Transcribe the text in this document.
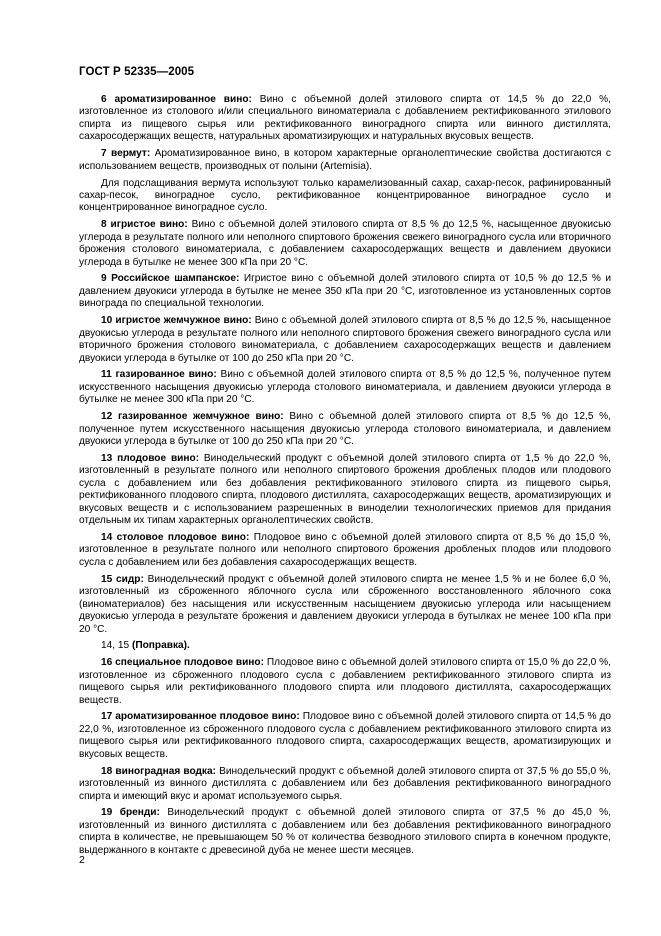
ГОСТ Р 52335—2005

6 ароматизированное вино: Вино с объемной долей этилового спирта от 14,5 % до 22,0 %, изготовленное из столового и/или специального виноматериала с добавлением ректификованного этилового спирта из пищевого сырья или ректификованного виноградного спирта или винного дистиллята, сахаросодержащих веществ, натуральных ароматизирующих и натуральных вкусовых веществ.

7 вермут: Ароматизированное вино, в котором характерные органолептические свойства достигаются с использованием веществ, производных от полыни (Artemisia).

Для подслащивания вермута используют только карамелизованный сахар, сахар-песок, рафинированный сахар-песок, виноградное сусло, ректификованное концентрированное виноградное сусло и концентрированное виноградное сусло.

8 игристое вино: Вино с объемной долей этилового спирта от 8,5 % до 12,5 %, насыщенное двуокисью углерода в результате полного или неполного спиртового брожения свежего виноградного сусла или вторичного брожения столового виноматериала, с добавлением сахаросодержащих веществ и давлением двуокиси углерода в бутылке не менее 300 кПа при 20 °С.

9 Российское шампанское: Игристое вино с объемной долей этилового спирта от 10,5 % до 12,5 % и давлением двуокиси углерода в бутылке не менее 350 кПа при 20 °С, изготовленное из установленных сортов винограда по специальной технологии.

10 игристое жемчужное вино: Вино с объемной долей этилового спирта от 8,5 % до 12,5 %, насыщенное двуокисью углерода в результате полного или неполного спиртового брожения свежего виноградного сусла или вторичного брожения столового виноматериала, с добавлением сахаросодержащих веществ и давлением двуокиси углерода в бутылке от 100 до 250 кПа при 20 °С.

11 газированное вино: Вино с объемной долей этилового спирта от 8,5 % до 12,5 %, полученное путем искусственного насыщения двуокисью углерода столового виноматериала, и давлением двуокиси углерода в бутылке не менее 300 кПа при 20 °С.

12 газированное жемчужное вино: Вино с объемной долей этилового спирта от 8,5 % до 12,5 %, полученное путем искусственного насыщения двуокисью углерода столового виноматериала, и давлением двуокиси углерода в бутылке от 100 до 250 кПа при 20 °С.

13 плодовое вино: Винодельческий продукт с объемной долей этилового спирта от 1,5 % до 22,0 %, изготовленный в результате полного или неполного спиртового брожения дробленых плодов или плодового сусла с добавлением или без добавления ректификованного этилового спирта из пищевого сырья, ректификованного плодового спирта, плодового дистиллята, сахаросодержащих веществ, ароматизирующих и вкусовых веществ и с использованием разрешенных в виноделии технологических приемов для придания отдельным их типам характерных органолептических свойств.

14 столовое плодовое вино: Плодовое вино с объемной долей этилового спирта от 8,5 % до 15,0 %, изготовленное в результате полного или неполного спиртового брожения дробленых плодов или плодового сусла с добавлением или без добавления сахаросодержащих веществ.

15 сидр: Винодельческий продукт с объемной долей этилового спирта не менее 1,5 % и не более 6,0 %, изготовленный из сброженного яблочного сусла или сброженного восстановленного яблочного сока (виноматериалов) без насыщения или искусственным насыщением двуокисью углерода или насыщением двуокисью углерода в результате брожения и давлением двуокиси углерода в бутылках не менее 100 кПа при 20 °С.

14, 15 (Поправка).

16 специальное плодовое вино: Плодовое вино с объемной долей этилового спирта от 15,0 % до 22,0 %, изготовленное из сброженного плодового сусла с добавлением ректификованного этилового спирта из пищевого сырья или ректификованного плодового спирта или плодового дистиллята, сахаросодержащих веществ.

17 ароматизированное плодовое вино: Плодовое вино с объемной долей этилового спирта от 14,5 % до 22,0 %, изготовленное из сброженного плодового сусла с добавлением ректификованного этилового спирта из пищевого сырья или ректификованного плодового спирта, сахаросодержащих веществ, ароматизирующих и вкусовых веществ.

18 виноградная водка: Винодельческий продукт с объемной долей этилового спирта от 37,5 % до 55,0 %, изготовленный из винного дистиллята с добавлением или без добавления ректификованного виноградного спирта и имеющий вкус и аромат используемого сырья.

19 бренди: Винодельческий продукт с объемной долей этилового спирта от 37,5 % до 45,0 %, изготовленный из винного дистиллята с добавлением или без добавления ректификованного виноградного спирта в количестве, не превышающем 50 % от количества безводного этилового спирта в конечном продукте, выдержанного в контакте с древесиной дуба не менее шести месяцев.

2
